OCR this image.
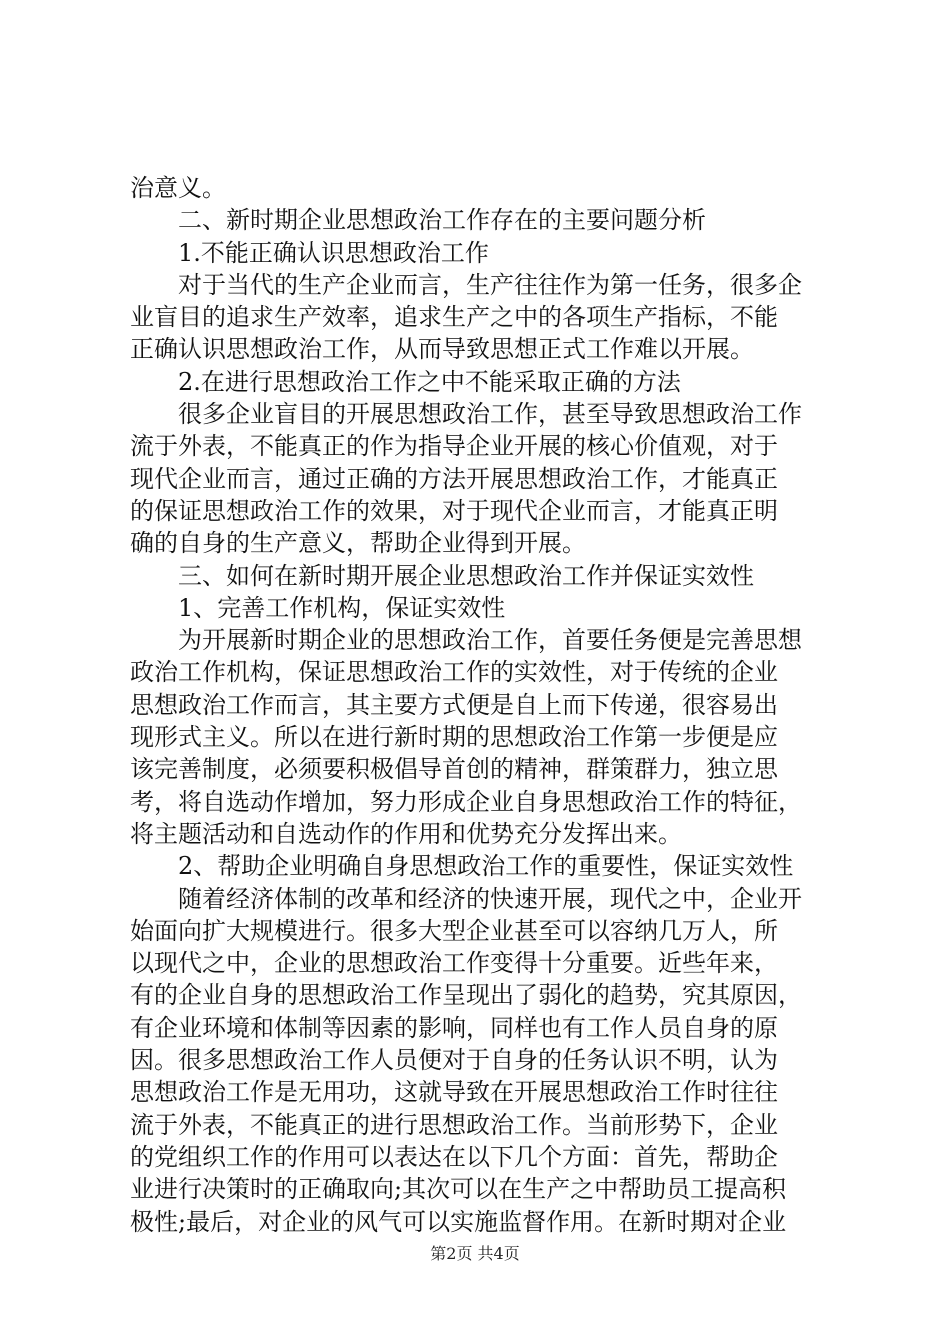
治意义。
二、新时期企业思想政治工作存在的主要问题分析
1.不能正确认识思想政治工作
对于当代的生产企业而言，生产往往作为第一任务，很多企
业盲目的追求生产效率，追求生产之中的各项生产指标，不能
正确认识思想政治工作，从而导致思想正式工作难以开展。
2.在进行思想政治工作之中不能采取正确的方法
很多企业盲目的开展思想政治工作，甚至导致思想政治工作
流于外表，不能真正的作为指导企业开展的核心价值观，对于
现代企业而言，通过正确的方法开展思想政治工作，才能真正
的保证思想政治工作的效果，对于现代企业而言，才能真正明
确的自身的生产意义，帮助企业得到开展。
三、如何在新时期开展企业思想政治工作并保证实效性
1、完善工作机构，保证实效性
为开展新时期企业的思想政治工作，首要任务便是完善思想
政治工作机构，保证思想政治工作的实效性，对于传统的企业
思想政治工作而言，其主要方式便是自上而下传递，很容易出
现形式主义。所以在进行新时期的思想政治工作第一步便是应
该完善制度，必须要积极倡导首创的精神，群策群力，独立思
考，将自选动作增加，努力形成企业自身思想政治工作的特征，
将主题活动和自选动作的作用和优势充分发挥出来。
2、帮助企业明确自身思想政治工作的重要性，保证实效性
随着经济体制的改革和经济的快速开展，现代之中，企业开
始面向扩大规模进行。很多大型企业甚至可以容纳几万人，所
以现代之中，企业的思想政治工作变得十分重要。近些年来，
有的企业自身的思想政治工作呈现出了弱化的趋势，究其原因，
有企业环境和体制等因素的影响，同样也有工作人员自身的原
因。很多思想政治工作人员便对于自身的任务认识不明，认为
思想政治工作是无用功，这就导致在开展思想政治工作时往往
流于外表，不能真正的进行思想政治工作。当前形势下，企业
的党组织工作的作用可以表达在以下几个方面：首先，帮助企
业进行决策时的正确取向;其次可以在生产之中帮助员工提高积
极性;最后，对企业的风气可以实施监督作用。在新时期对企业
第2页 共4页
